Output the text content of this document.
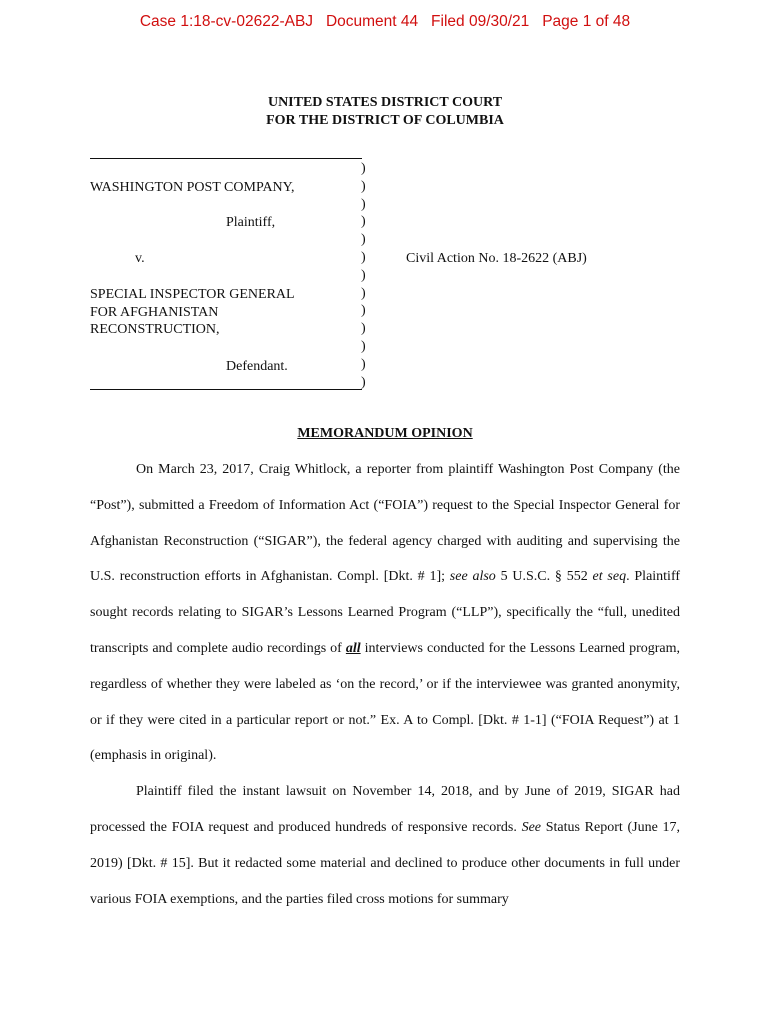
Case 1:18-cv-02622-ABJ   Document 44   Filed 09/30/21   Page 1 of 48
UNITED STATES DISTRICT COURT
FOR THE DISTRICT OF COLUMBIA
)
)
)
)
)
)
)
)
)
)
)
)
)
WASHINGTON POST COMPANY,
Plaintiff,
v.
SPECIAL INSPECTOR GENERAL
FOR AFGHANISTAN
RECONSTRUCTION,
Defendant.
Civil Action No. 18-2622 (ABJ)
MEMORANDUM OPINION

On March 23, 2017, Craig Whitlock, a reporter from plaintiff Washington Post Company (the “Post”), submitted a Freedom of Information Act (“FOIA”) request to the Special Inspector General for Afghanistan Reconstruction (“SIGAR”), the federal agency charged with auditing and supervising the U.S. reconstruction efforts in Afghanistan. Compl. [Dkt. # 1]; see also 5 U.S.C. § 552 et seq. Plaintiff sought records relating to SIGAR’s Lessons Learned Program (“LLP”), specifically the “full, unedited transcripts and complete audio recordings of all interviews conducted for the Lessons Learned program, regardless of whether they were labeled as ‘on the record,’ or if the interviewee was granted anonymity, or if they were cited in a particular report or not.” Ex. A to Compl. [Dkt. # 1-1] (“FOIA Request”) at 1 (emphasis in original).

Plaintiff filed the instant lawsuit on November 14, 2018, and by June of 2019, SIGAR had processed the FOIA request and produced hundreds of responsive records. See Status Report (June 17, 2019) [Dkt. # 15]. But it redacted some material and declined to produce other documents in full under various FOIA exemptions, and the parties filed cross motions for summary
